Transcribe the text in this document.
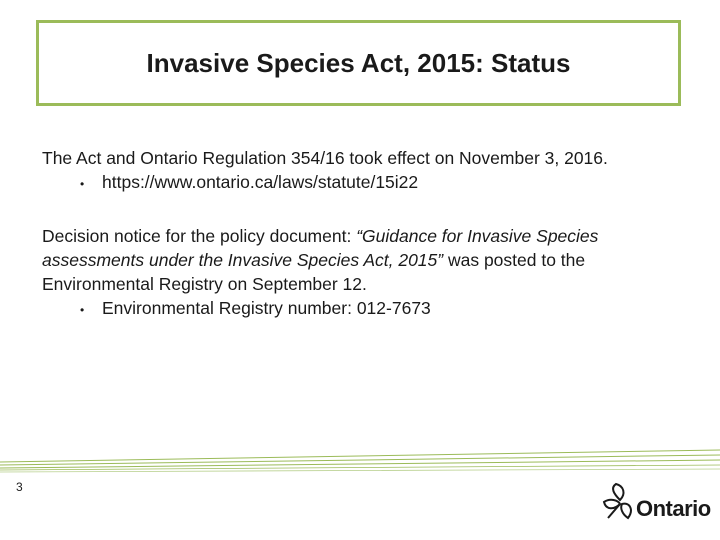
Invasive Species Act, 2015: Status

The Act and Ontario Regulation 354/16 took effect on November 3, 2016.

•	https://www.ontario.ca/laws/statute/15i22
Decision notice for the policy document: “Guidance for Invasive Species assessments under the Invasive Species Act, 2015” was posted to the Environmental Registry on September 12.
•	Environmental Registry number: 012-7673
3
Ontario
